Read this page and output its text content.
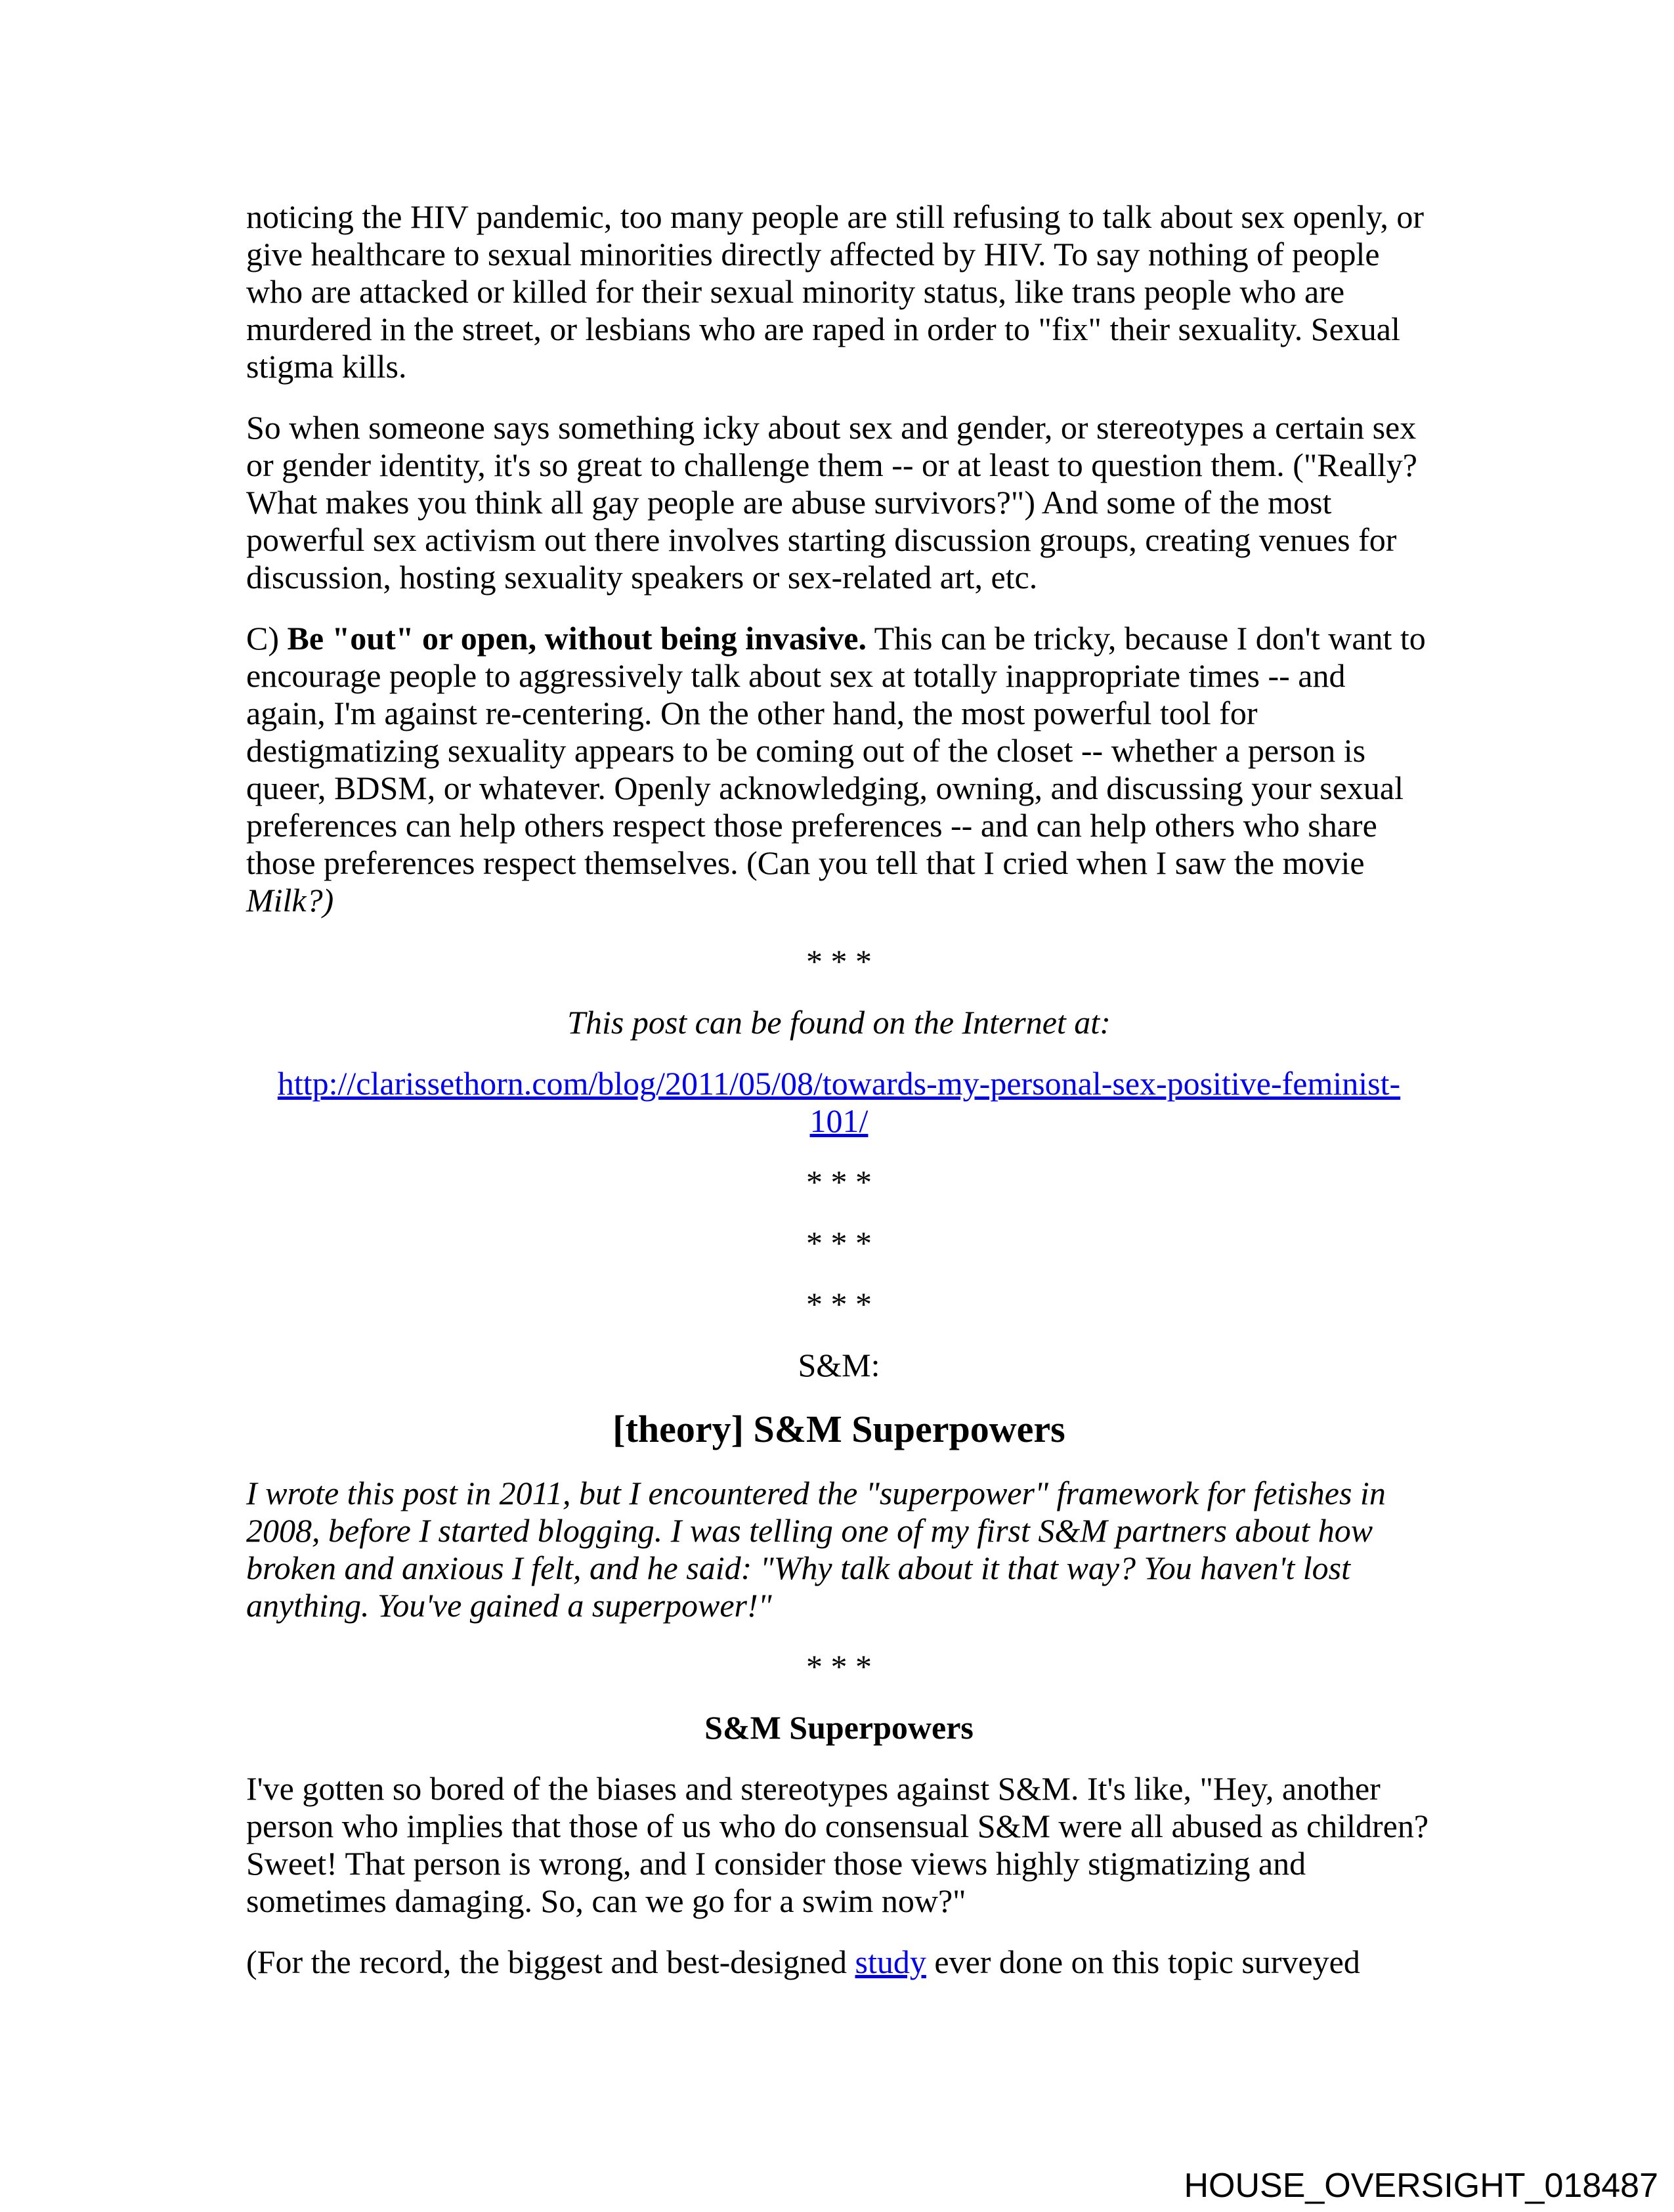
noticing the HIV pandemic, too many people are still refusing to talk about sex openly, or give healthcare to sexual minorities directly affected by HIV. To say nothing of people who are attacked or killed for their sexual minority status, like trans people who are murdered in the street, or lesbians who are raped in order to "fix" their sexuality. Sexual stigma kills.

So when someone says something icky about sex and gender, or stereotypes a certain sex or gender identity, it's so great to challenge them -- or at least to question them. ("Really? What makes you think all gay people are abuse survivors?") And some of the most powerful sex activism out there involves starting discussion groups, creating venues for discussion, hosting sexuality speakers or sex-related art, etc.

C) Be "out" or open, without being invasive. This can be tricky, because I don't want to encourage people to aggressively talk about sex at totally inappropriate times -- and again, I'm against re-centering. On the other hand, the most powerful tool for destigmatizing sexuality appears to be coming out of the closet -- whether a person is queer, BDSM, or whatever. Openly acknowledging, owning, and discussing your sexual preferences can help others respect those preferences -- and can help others who share those preferences respect themselves. (Can you tell that I cried when I saw the movie Milk?)

* * *

This post can be found on the Internet at:

http://clarissethorn.com/blog/2011/05/08/towards-my-personal-sex-positive-feminist-
101/

* * *

* * *

* * *

S&M:

[theory] S&M Superpowers

I wrote this post in 2011, but I encountered the "superpower" framework for fetishes in 2008, before I started blogging. I was telling one of my first S&M partners about how broken and anxious I felt, and he said: "Why talk about it that way? You haven't lost anything. You've gained a superpower!"

* * *

S&M Superpowers

I've gotten so bored of the biases and stereotypes against S&M. It's like, "Hey, another person who implies that those of us who do consensual S&M were all abused as children? Sweet! That person is wrong, and I consider those views highly stigmatizing and sometimes damaging. So, can we go for a swim now?"

(For the record, the biggest and best-designed study ever done on this topic surveyed

HOUSE_OVERSIGHT_018487
